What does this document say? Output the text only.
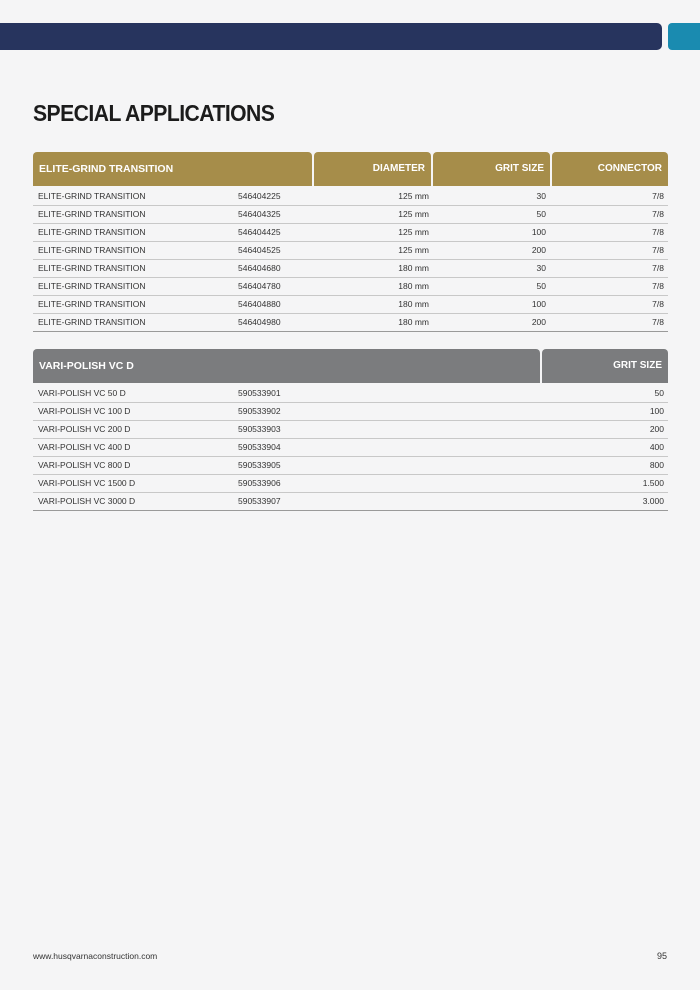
SPECIAL APPLICATIONS
ELITE-GRIND TRANSITION	DIAMETER	GRIT SIZE	CONNECTOR
ELITE-GRIND TRANSITION	546404225	125 mm	30	7/8
ELITE-GRIND TRANSITION	546404325	125 mm	50	7/8
ELITE-GRIND TRANSITION	546404425	125 mm	100	7/8
ELITE-GRIND TRANSITION	546404525	125 mm	200	7/8
ELITE-GRIND TRANSITION	546404680	180 mm	30	7/8
ELITE-GRIND TRANSITION	546404780	180 mm	50	7/8
ELITE-GRIND TRANSITION	546404880	180 mm	100	7/8
ELITE-GRIND TRANSITION	546404980	180 mm	200	7/8
VARI-POLISH VC D	GRIT SIZE
VARI-POLISH VC 50 D	590533901	50
VARI-POLISH VC 100 D	590533902	100
VARI-POLISH VC 200 D	590533903	200
VARI-POLISH VC 400 D	590533904	400
VARI-POLISH VC 800 D	590533905	800
VARI-POLISH VC 1500 D	590533906	1.500
VARI-POLISH VC 3000 D	590533907	3.000
www.husqvarnaconstruction.com	95
